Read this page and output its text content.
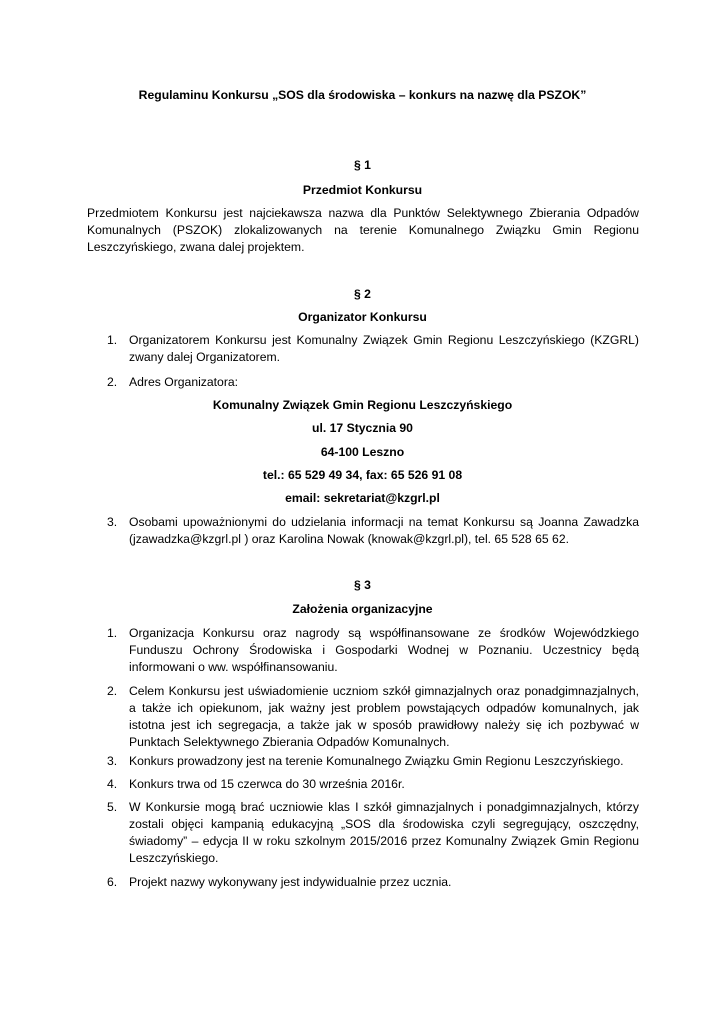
Regulaminu Konkursu „SOS dla środowiska – konkurs na nazwę dla PSZOK”
§ 1
Przedmiot Konkursu
Przedmiotem Konkursu jest najciekawsza nazwa dla Punktów Selektywnego Zbierania Odpadów Komunalnych (PSZOK) zlokalizowanych na terenie Komunalnego Związku Gmin Regionu Leszczyńskiego, zwana dalej projektem.
§ 2
Organizator Konkursu
1. Organizatorem Konkursu jest Komunalny Związek Gmin Regionu Leszczyńskiego (KZGRL) zwany dalej Organizatorem.
2. Adres Organizatora:
Komunalny Związek Gmin Regionu Leszczyńskiego
ul. 17 Stycznia 90
64-100 Leszno
tel.: 65 529 49 34, fax: 65 526 91 08
email: sekretariat@kzgrl.pl
3. Osobami upoważnionymi do udzielania informacji na temat Konkursu są Joanna Zawadzka (jzawadzka@kzgrl.pl ) oraz Karolina Nowak (knowak@kzgrl.pl), tel. 65 528 65 62.
§ 3
Założenia organizacyjne
1. Organizacja Konkursu oraz nagrody są współfinansowane ze środków Wojewódzkiego Funduszu Ochrony Środowiska i Gospodarki Wodnej w Poznaniu. Uczestnicy będą informowani o ww. współfinansowaniu.
2. Celem Konkursu jest uświadomienie uczniom szkół gimnazjalnych oraz ponadgimnazjalnych, a także ich opiekunom, jak ważny jest problem powstających odpadów komunalnych, jak istotna jest ich segregacja, a także jak w sposób prawidłowy należy się ich pozbywać w Punktach Selektywnego Zbierania Odpadów Komunalnych.
3. Konkurs prowadzony jest na terenie Komunalnego Związku Gmin Regionu Leszczyńskiego.
4. Konkurs trwa od 15 czerwca do 30 września 2016r.
5. W Konkursie mogą brać uczniowie klas I szkół gimnazjalnych i ponadgimnazjalnych, którzy zostali objęci kampanią edukacyjną „SOS dla środowiska czyli segregujący, oszczędny, świadomy” – edycja II w roku szkolnym 2015/2016 przez Komunalny Związek Gmin Regionu Leszczyńskiego.
6. Projekt nazwy wykonywany jest indywidualnie przez ucznia.
